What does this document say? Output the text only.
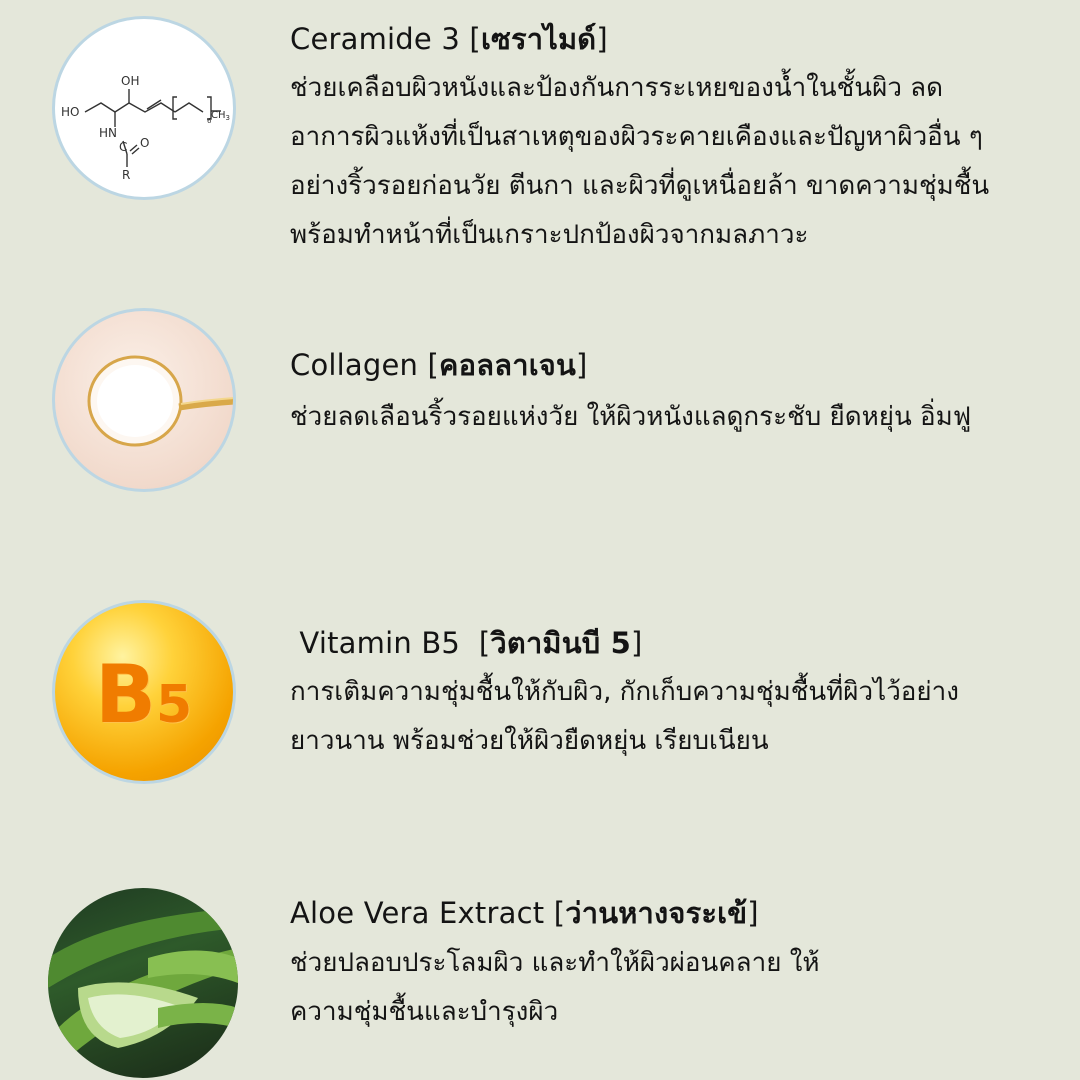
OH
HO
HN
C O
R
$CH_3$
6
Ceramide 3 [เซราไมด์]

ช่วยเคลือบผิวหนังและป้องกันการระเหยของน้ำในชั้นผิว ลด
อาการผิวแห้งที่เป็นสาเหตุของผิวระคายเคืองและปัญหาผิวอื่น ๆ
อย่างริ้วรอยก่อนวัย ตีนกา และผิวที่ดูเหนื่อยล้า ขาดความชุ่มชื้น
พร้อมทำหน้าที่เป็นเกราะปกป้องผิวจากมลภาวะ

Collagen [คอลลาเจน]

ช่วยลดเลือนริ้วรอยแห่งวัย ให้ผิวหนังแลดูกระชับ ยืดหยุ่น อิ่มฟู

B5
Vitamin B5  [วิตามินบี 5]

การเติมความชุ่มชื้นให้กับผิว, กักเก็บความชุ่มชื้นที่ผิวไว้อย่าง
ยาวนาน พร้อมช่วยให้ผิวยืดหยุ่น เรียบเนียน

Aloe Vera Extract [ว่านหางจระเข้]

ช่วยปลอบประโลมผิว และทำให้ผิวผ่อนคลาย ให้
ความชุ่มชื้นและบำรุงผิว
